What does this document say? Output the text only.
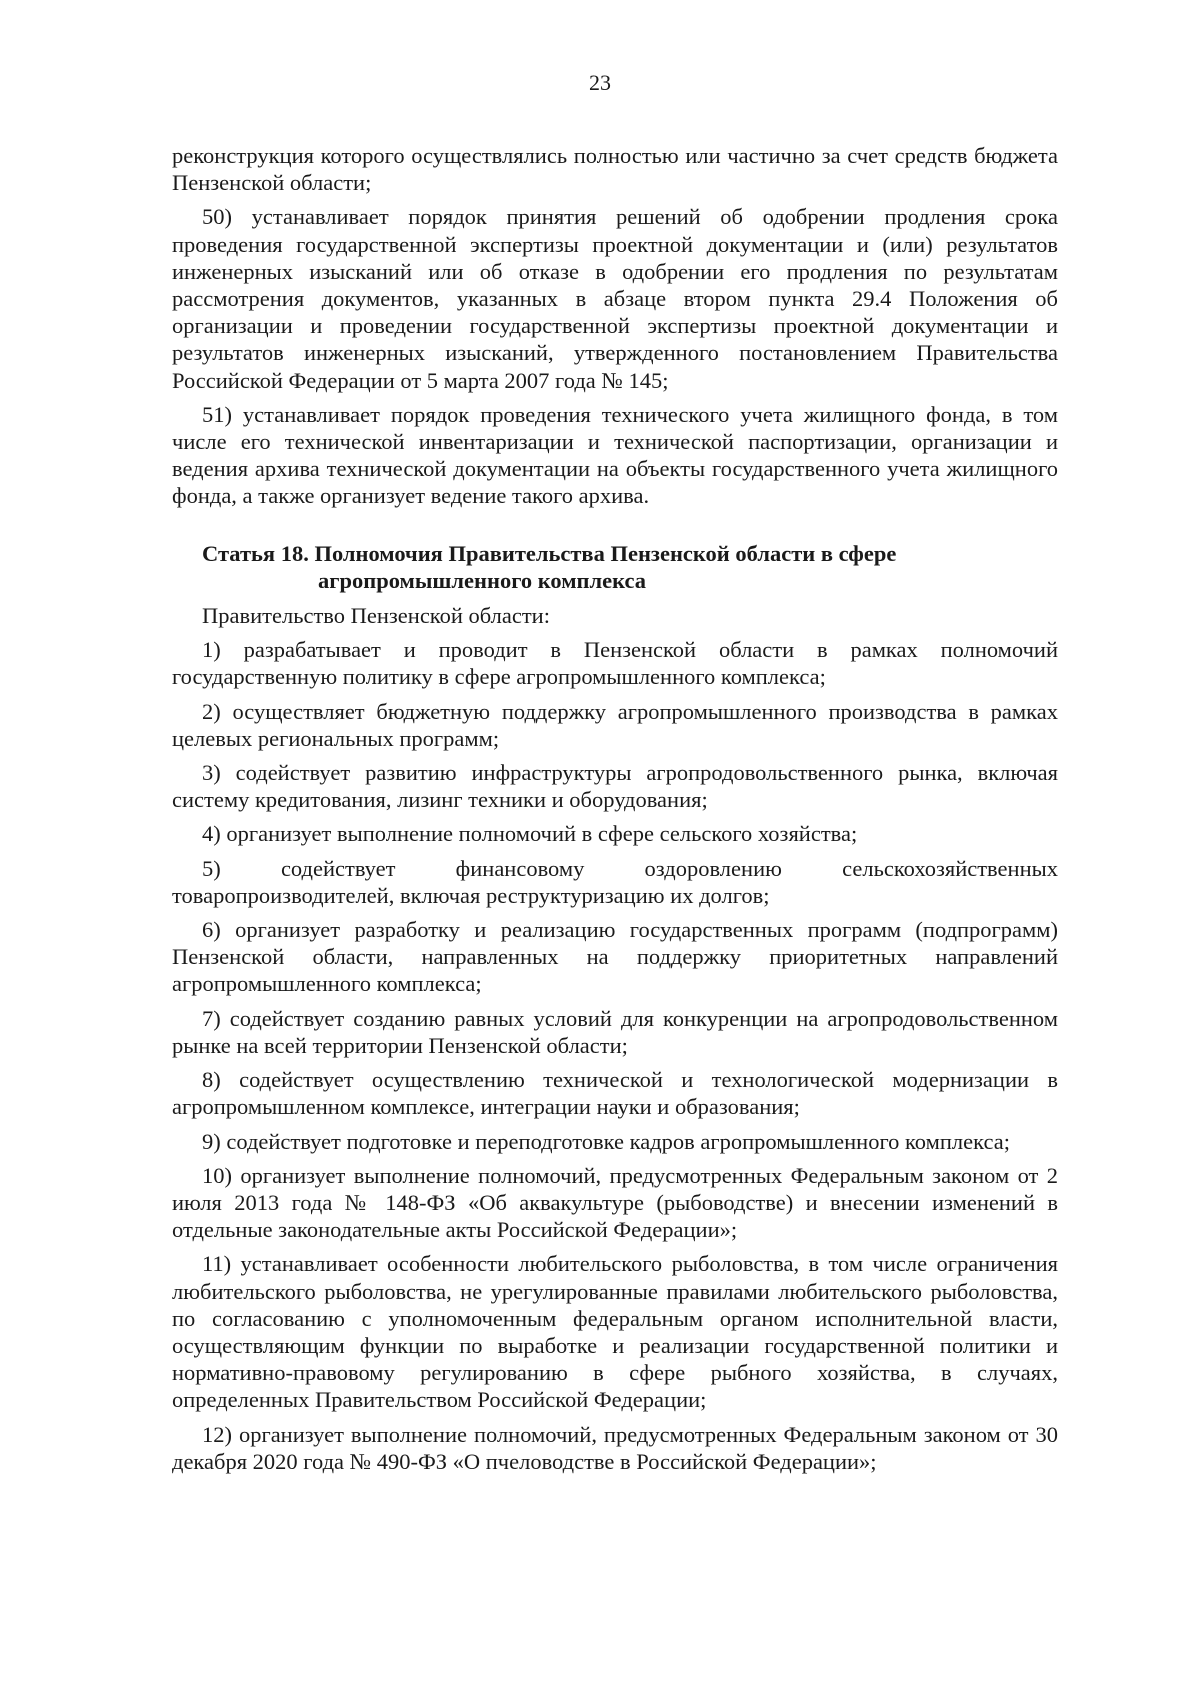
23

реконструкция которого осуществлялись полностью или частично за счет средств бюджета Пензенской области;

50) устанавливает порядок принятия решений об одобрении продления срока проведения государственной экспертизы проектной документации и (или) результатов инженерных изысканий или об отказе в одобрении его продления по результатам рассмотрения документов, указанных в абзаце втором пункта 29.4 Положения об организации и проведении государственной экспертизы проектной документации и результатов инженерных изысканий, утвержденного постановлением Правительства Российской Федерации от 5 марта 2007 года № 145;

51) устанавливает порядок проведения технического учета жилищного фонда, в том числе его технической инвентаризации и технической паспортизации, организации и ведения архива технической документации на объекты государственного учета жилищного фонда, а также организует ведение такого архива.

Статья 18. Полномочия Правительства Пензенской области в сфере
агропромышленного комплекса

Правительство Пензенской области:

1) разрабатывает и проводит в Пензенской области в рамках полномочий государственную политику в сфере агропромышленного комплекса;

2) осуществляет бюджетную поддержку агропромышленного производства в рамках целевых региональных программ;

3) содействует развитию инфраструктуры агропродовольственного рынка, включая систему кредитования, лизинг техники и оборудования;

4) организует выполнение полномочий в сфере сельского хозяйства;

5) содействует финансовому оздоровлению сельскохозяйственных товаропроизводителей, включая реструктуризацию их долгов;

6) организует разработку и реализацию государственных программ (подпрограмм) Пензенской области, направленных на поддержку приоритетных направлений агропромышленного комплекса;

7) содействует созданию равных условий для конкуренции на агропродовольственном рынке на всей территории Пензенской области;

8) содействует осуществлению технической и технологической модернизации в агропромышленном комплексе, интеграции науки и образования;

9) содействует подготовке и переподготовке кадров агропромышленного комплекса;

10) организует выполнение полномочий, предусмотренных Федеральным законом от 2 июля 2013 года № 148-ФЗ «Об аквакультуре (рыбоводстве) и внесении изменений в отдельные законодательные акты Российской Федерации»;

11) устанавливает особенности любительского рыболовства, в том числе ограничения любительского рыболовства, не урегулированные правилами любительского рыболовства, по согласованию с уполномоченным федеральным органом исполнительной власти, осуществляющим функции по выработке и реализации государственной политики и нормативно-правовому регулированию в сфере рыбного хозяйства, в случаях, определенных Правительством Российской Федерации;

12) организует выполнение полномочий, предусмотренных Федеральным законом от 30 декабря 2020 года № 490-ФЗ «О пчеловодстве в Российской Федерации»;
